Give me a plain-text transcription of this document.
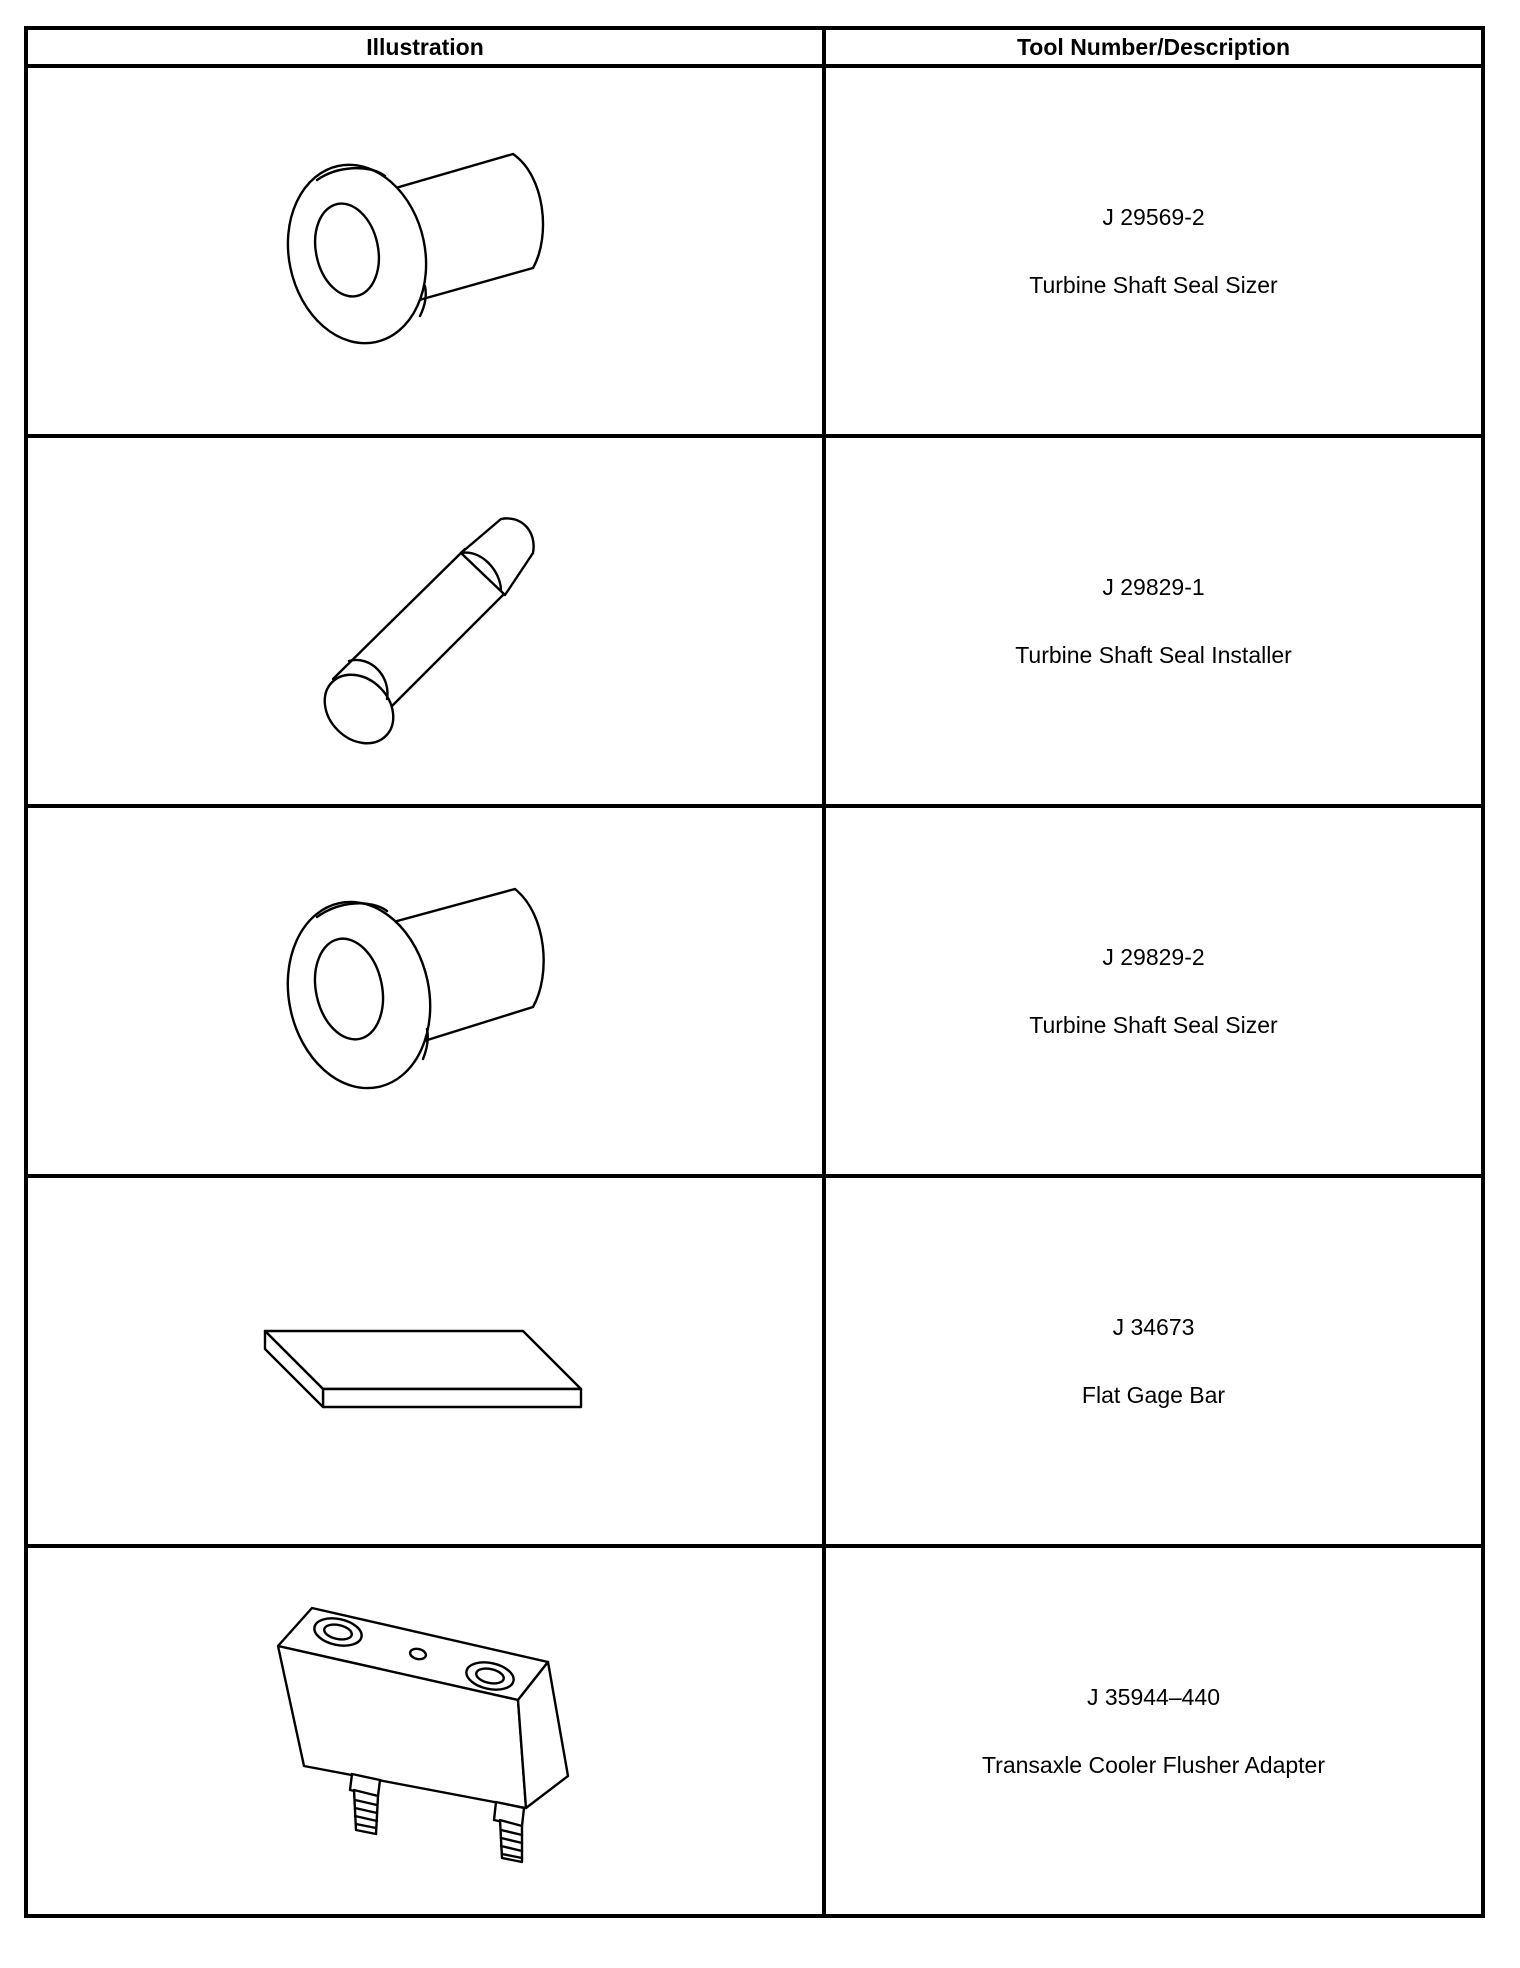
Illustration	Tool Number/Description

J 29569-2
Turbine Shaft Seal Sizer

J 29829-1
Turbine Shaft Seal Installer

J 29829-2
Turbine Shaft Seal Sizer

J 34673
Flat Gage Bar

J 35944–440
Transaxle Cooler Flusher Adapter
